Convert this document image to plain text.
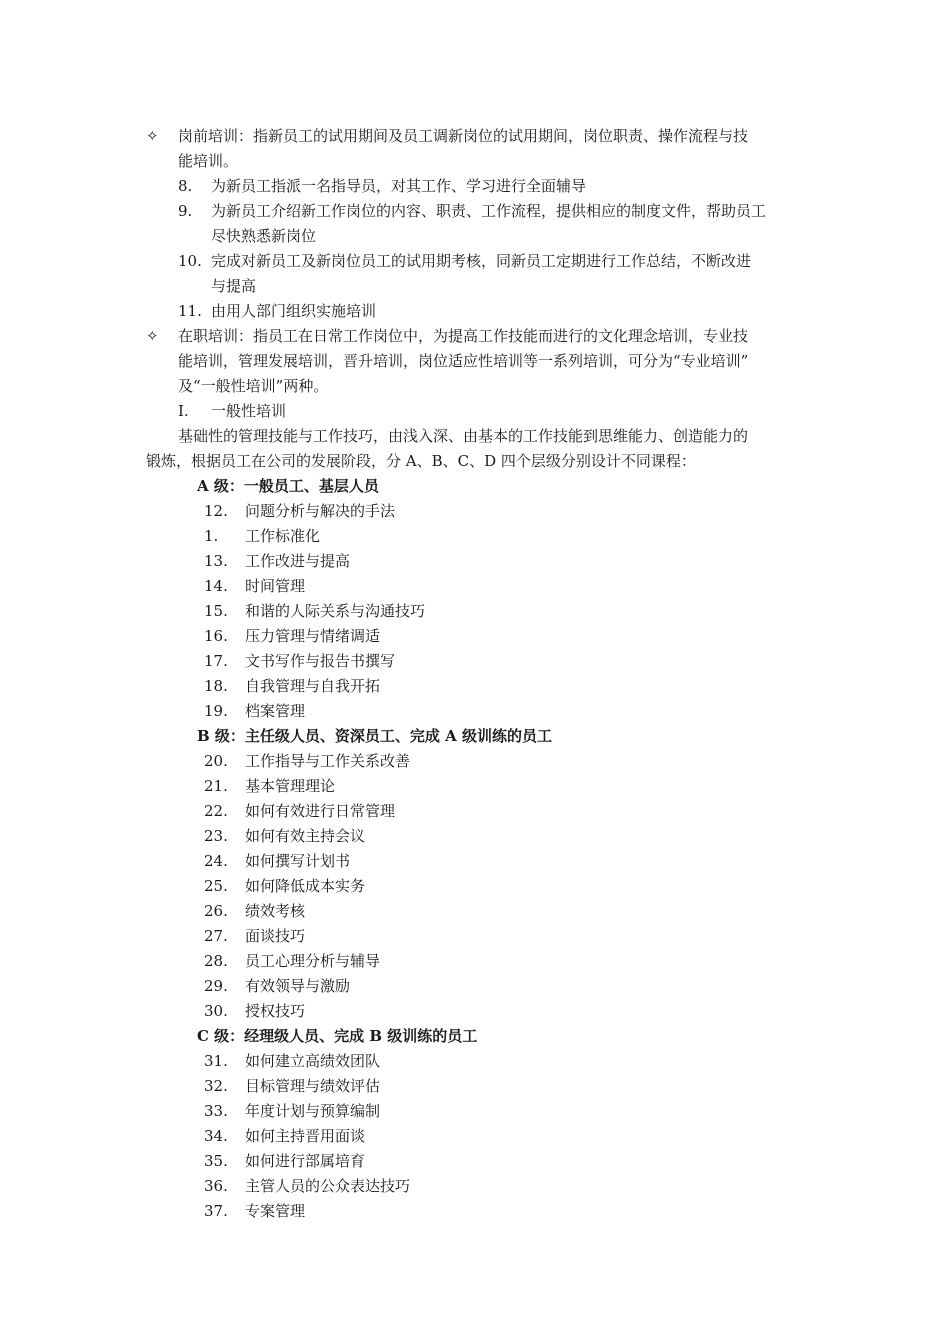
✧ 岗前培训：指新员工的试用期间及员工调新岗位的试用期间，岗位职责、操作流程与技
能培训。
8. 为新员工指派一名指导员，对其工作、学习进行全面辅导
9. 为新员工介绍新工作岗位的内容、职责、工作流程，提供相应的制度文件，帮助员工
尽快熟悉新岗位
10. 完成对新员工及新岗位员工的试用期考核，同新员工定期进行工作总结，不断改进
与提高
11. 由用人部门组织实施培训
✧ 在职培训：指员工在日常工作岗位中，为提高工作技能而进行的文化理念培训，专业技
能培训，管理发展培训，晋升培训，岗位适应性培训等一系列培训，可分为“专业培训”
及“一般性培训”两种。
I. 一般性培训
基础性的管理技能与工作技巧，由浅入深、由基本的工作技能到思维能力、创造能力的
锻炼，根据员工在公司的发展阶段，分 A、B、C、D 四个层级分别设计不同课程：
A 级：一般员工、基层人员
12. 问题分析与解决的手法
1. 工作标准化
13. 工作改进与提高
14. 时间管理
15. 和谐的人际关系与沟通技巧
16. 压力管理与情绪调适
17. 文书写作与报告书撰写
18. 自我管理与自我开拓
19. 档案管理
B 级：主任级人员、资深员工、完成 A 级训练的员工
20. 工作指导与工作关系改善
21. 基本管理理论
22. 如何有效进行日常管理
23. 如何有效主持会议
24. 如何撰写计划书
25. 如何降低成本实务
26. 绩效考核
27. 面谈技巧
28. 员工心理分析与辅导
29. 有效领导与激励
30. 授权技巧
C 级：经理级人员、完成 B 级训练的员工
31. 如何建立高绩效团队
32. 目标管理与绩效评估
33. 年度计划与预算编制
34. 如何主持晋用面谈
35. 如何进行部属培育
36. 主管人员的公众表达技巧
37. 专案管理
